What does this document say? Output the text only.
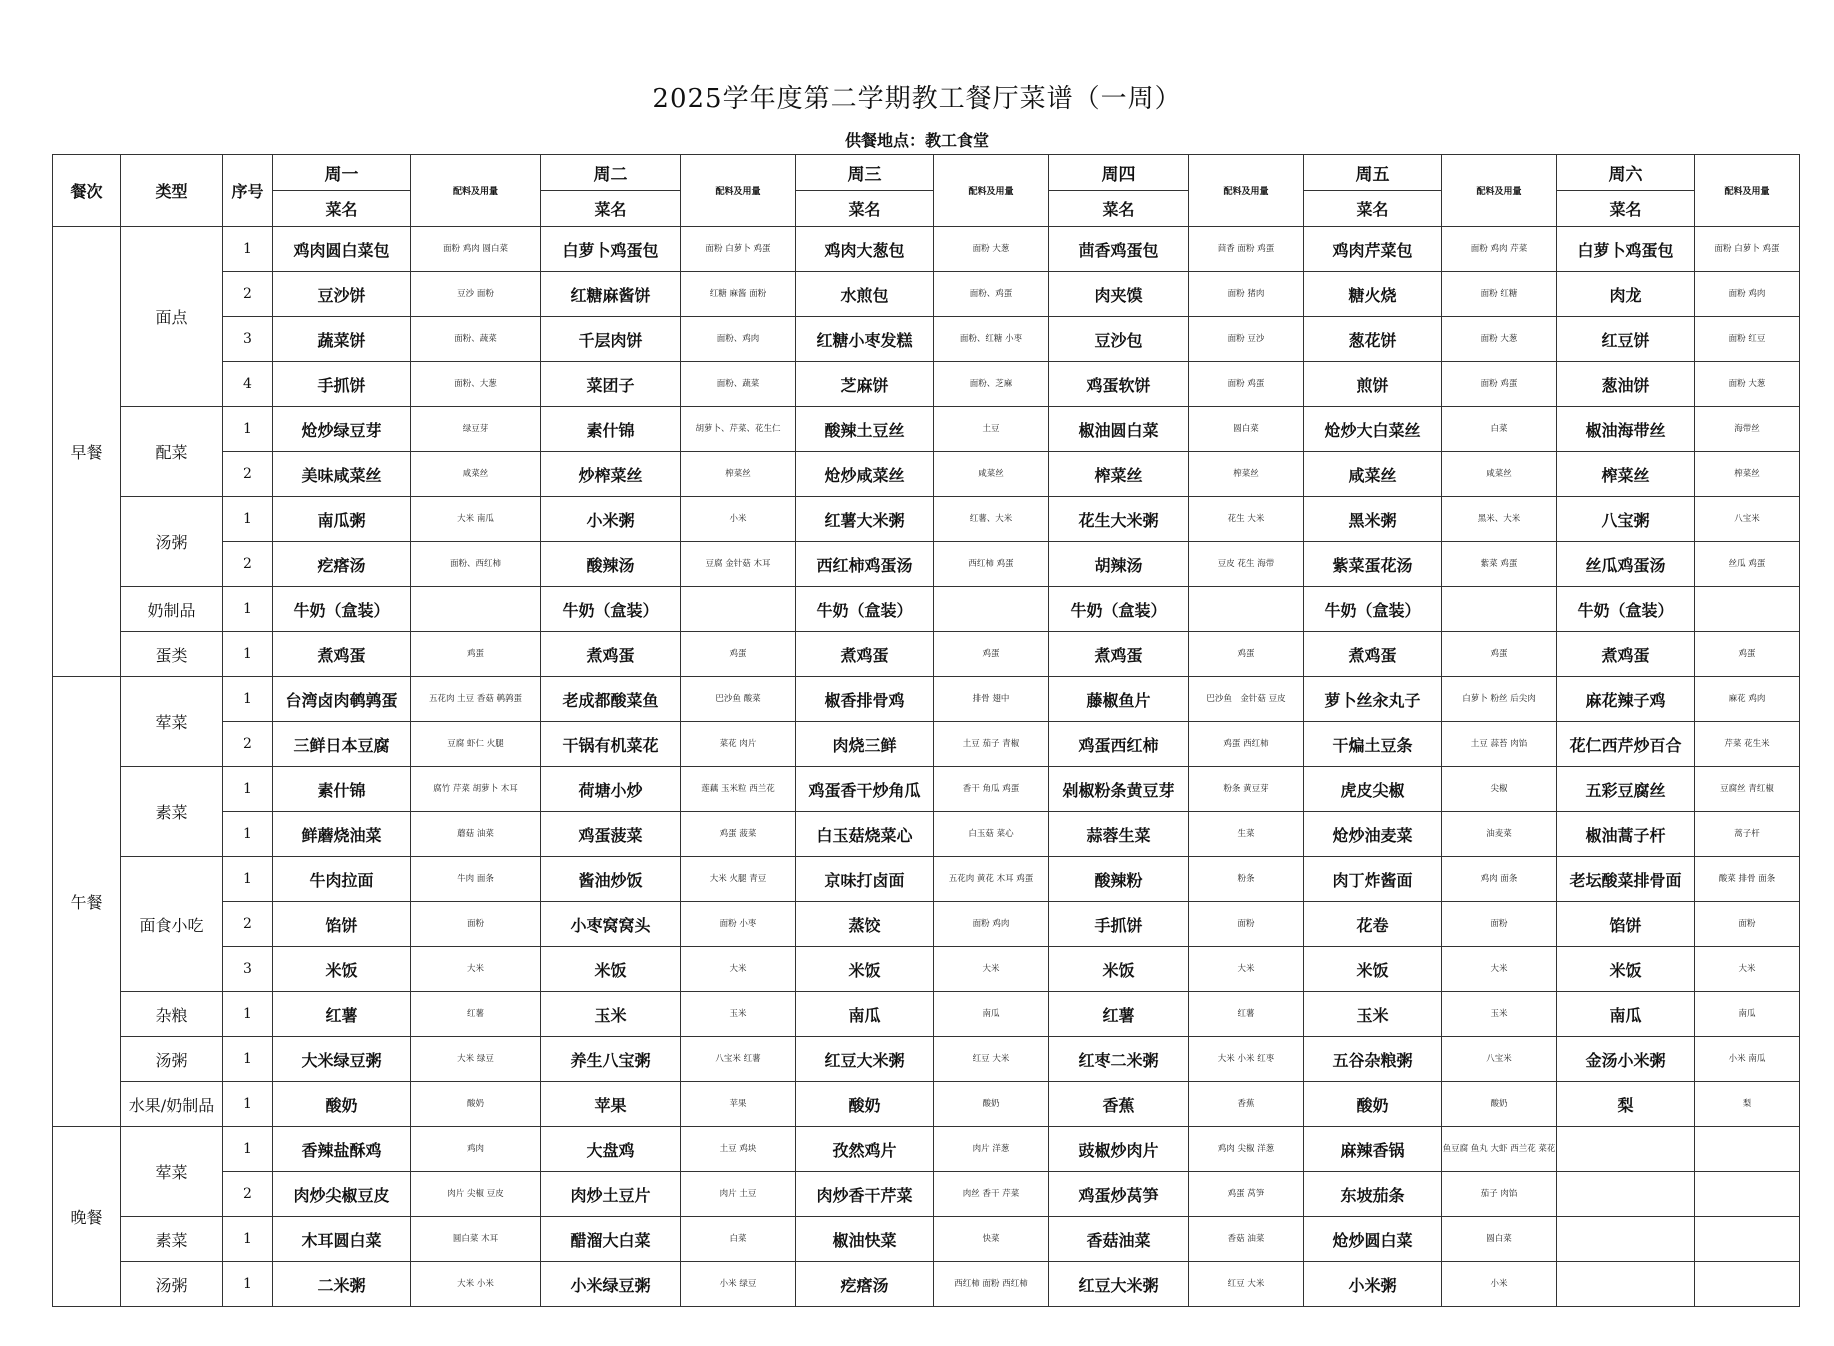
2025学年度第二学期教工餐厅菜谱（一周）
供餐地点：教工食堂
餐次	类型	序号	周一	配料及用量	周二	配料及用量	周三	配料及用量	周四	配料及用量	周五	配料及用量	周六	配料及用量
			菜名		菜名		菜名		菜名		菜名		菜名	
早餐	面点	1	鸡肉圆白菜包	面粉 鸡肉 圆白菜	白萝卜鸡蛋包	面粉 白萝卜 鸡蛋	鸡肉大葱包	面粉 大葱	茴香鸡蛋包	茴香 面粉 鸡蛋	鸡肉芹菜包	面粉 鸡肉 芹菜	白萝卜鸡蛋包	面粉 白萝卜 鸡蛋
		2	豆沙饼	豆沙 面粉	红糖麻酱饼	红糖 麻酱 面粉	水煎包	面粉、鸡蛋	肉夹馍	面粉 猪肉	糖火烧	面粉 红糖	肉龙	面粉 鸡肉
		3	蔬菜饼	面粉、蔬菜	千层肉饼	面粉、鸡肉	红糖小枣发糕	面粉、红糖 小枣	豆沙包	面粉 豆沙	葱花饼	面粉 大葱	红豆饼	面粉 红豆
		4	手抓饼	面粉、大葱	菜团子	面粉、蔬菜	芝麻饼	面粉、芝麻	鸡蛋软饼	面粉 鸡蛋	煎饼	面粉 鸡蛋	葱油饼	面粉 大葱
	配菜	1	炝炒绿豆芽	绿豆芽	素什锦	胡萝卜、芹菜、花生仁	酸辣土豆丝	土豆	椒油圆白菜	圆白菜	炝炒大白菜丝	白菜	椒油海带丝	海带丝
		2	美味咸菜丝	咸菜丝	炒榨菜丝	榨菜丝	炝炒咸菜丝	咸菜丝	榨菜丝	榨菜丝	咸菜丝	咸菜丝	榨菜丝	榨菜丝
	汤粥	1	南瓜粥	大米 南瓜	小米粥	小米	红薯大米粥	红薯、大米	花生大米粥	花生 大米	黑米粥	黑米、大米	八宝粥	八宝米
		2	疙瘩汤	面粉、西红柿	酸辣汤	豆腐 金针菇 木耳	西红柿鸡蛋汤	西红柿 鸡蛋	胡辣汤	豆皮 花生 海带	紫菜蛋花汤	紫菜 鸡蛋	丝瓜鸡蛋汤	丝瓜 鸡蛋
	奶制品	1	牛奶（盒装）		牛奶（盒装）		牛奶（盒装）		牛奶（盒装）		牛奶（盒装）		牛奶（盒装）	
	蛋类	1	煮鸡蛋	鸡蛋	煮鸡蛋	鸡蛋	煮鸡蛋	鸡蛋	煮鸡蛋	鸡蛋	煮鸡蛋	鸡蛋	煮鸡蛋	鸡蛋
午餐	荤菜	1	台湾卤肉鹌鹑蛋	五花肉 土豆 香菇 鹌鹑蛋	老成都酸菜鱼	巴沙鱼 酸菜	椒香排骨鸡	排骨 翅中	藤椒鱼片	巴沙鱼　金针菇 豆皮	萝卜丝汆丸子	白萝卜 粉丝 后尖肉	麻花辣子鸡	麻花 鸡肉
		2	三鲜日本豆腐	豆腐 虾仁 火腿	干锅有机菜花	菜花 肉片	肉烧三鲜	土豆 茄子 青椒	鸡蛋西红柿	鸡蛋 西红柿	干煸土豆条	土豆 蒜苔 肉馅	花仁西芹炒百合	芹菜 花生米
	素菜	1	素什锦	腐竹 芹菜 胡萝卜 木耳	荷塘小炒	莲藕 玉米粒 西兰花	鸡蛋香干炒角瓜	香干 角瓜 鸡蛋	剁椒粉条黄豆芽	粉条 黄豆芽	虎皮尖椒	尖椒	五彩豆腐丝	豆腐丝 青红椒
		1	鲜蘑烧油菜	蘑菇 油菜	鸡蛋菠菜	鸡蛋 菠菜	白玉菇烧菜心	白玉菇 菜心	蒜蓉生菜	生菜	炝炒油麦菜	油麦菜	椒油蒿子杆	蒿子杆
	面食小吃	1	牛肉拉面	牛肉 面条	酱油炒饭	大米 火腿 青豆	京味打卤面	五花肉 黄花 木耳 鸡蛋	酸辣粉	粉条	肉丁炸酱面	鸡肉 面条	老坛酸菜排骨面	酸菜 排骨 面条
		2	馅饼	面粉	小枣窝窝头	面粉 小枣	蒸饺	面粉 鸡肉	手抓饼	面粉	花卷	面粉	馅饼	面粉
		3	米饭	大米	米饭	大米	米饭	大米	米饭	大米	米饭	大米	米饭	大米
	杂粮	1	红薯	红薯	玉米	玉米	南瓜	南瓜	红薯	红薯	玉米	玉米	南瓜	南瓜
	汤粥	1	大米绿豆粥	大米 绿豆	养生八宝粥	八宝米 红薯	红豆大米粥	红豆 大米	红枣二米粥	大米 小米 红枣	五谷杂粮粥	八宝米	金汤小米粥	小米 南瓜
	水果/奶制品	1	酸奶	酸奶	苹果	苹果	酸奶	酸奶	香蕉	香蕉	酸奶	酸奶	梨	梨
晚餐	荤菜	1	香辣盐酥鸡	鸡肉	大盘鸡	土豆 鸡块	孜然鸡片	肉片 洋葱	豉椒炒肉片	鸡肉 尖椒 洋葱	麻辣香锅	鱼豆腐 鱼丸 大虾 西兰花 菜花		
		2	肉炒尖椒豆皮	肉片 尖椒 豆皮	肉炒土豆片	肉片 土豆	肉炒香干芹菜	肉丝 香干 芹菜	鸡蛋炒莴笋	鸡蛋 莴笋	东坡茄条	茄子 肉馅		
	素菜	1	木耳圆白菜	圆白菜 木耳	醋溜大白菜	白菜	椒油快菜	快菜	香菇油菜	香菇 油菜	炝炒圆白菜	圆白菜		
	汤粥	1	二米粥	大米 小米	小米绿豆粥	小米 绿豆	疙瘩汤	西红柿 面粉 西红柿	红豆大米粥	红豆 大米	小米粥	小米		
